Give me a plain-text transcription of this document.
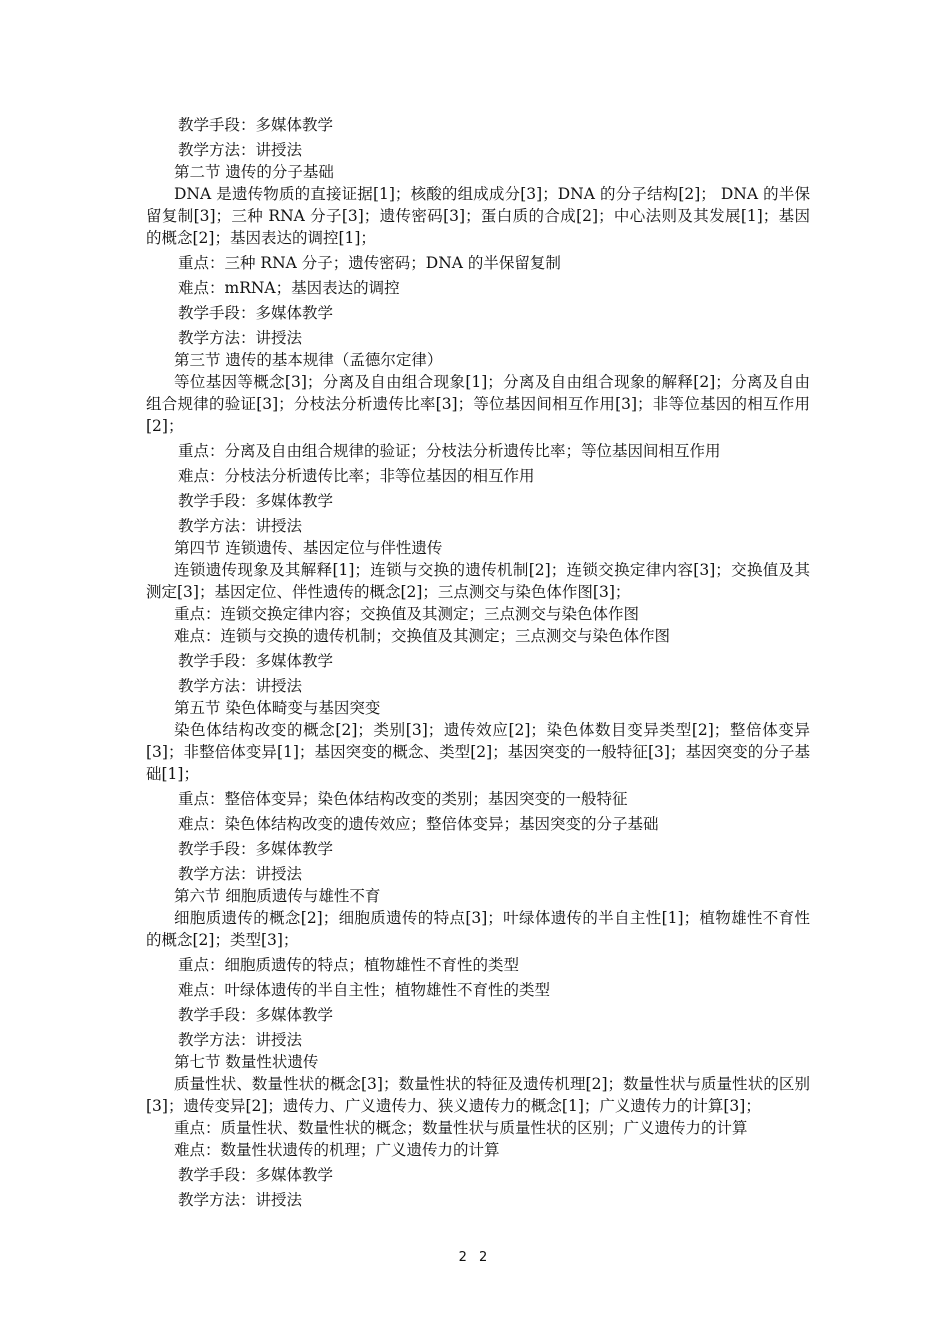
教学手段：多媒体教学

教学方法：讲授法

第二节 遗传的分子基础

DNA 是遗传物质的直接证据[1]；核酸的组成成分[3]；DNA 的分子结构[2]； DNA 的半保留复制[3]；三种 RNA 分子[3]；遗传密码[3]；蛋白质的合成[2]；中心法则及其发展[1]；基因的概念[2]；基因表达的调控[1]；

重点：三种 RNA 分子；遗传密码；DNA 的半保留复制

难点：mRNA；基因表达的调控

教学手段：多媒体教学

教学方法：讲授法

第三节 遗传的基本规律（孟德尔定律）

等位基因等概念[3]；分离及自由组合现象[1]；分离及自由组合现象的解释[2]；分离及自由组合规律的验证[3]；分枝法分析遗传比率[3]；等位基因间相互作用[3]；非等位基因的相互作用[2]；

重点：分离及自由组合规律的验证；分枝法分析遗传比率；等位基因间相互作用

难点：分枝法分析遗传比率；非等位基因的相互作用

教学手段：多媒体教学

教学方法：讲授法

第四节 连锁遗传、基因定位与伴性遗传

连锁遗传现象及其解释[1]；连锁与交换的遗传机制[2]；连锁交换定律内容[3]；交换值及其测定[3]；基因定位、伴性遗传的概念[2]；三点测交与染色体作图[3]；

重点：连锁交换定律内容；交换值及其测定；三点测交与染色体作图

难点：连锁与交换的遗传机制；交换值及其测定；三点测交与染色体作图

教学手段：多媒体教学

教学方法：讲授法

第五节 染色体畸变与基因突变

染色体结构改变的概念[2]；类别[3]；遗传效应[2]；染色体数目变异类型[2]；整倍体变异[3]；非整倍体变异[1]；基因突变的概念、类型[2]；基因突变的一般特征[3]；基因突变的分子基础[1]；

重点：整倍体变异；染色体结构改变的类别；基因突变的一般特征

难点：染色体结构改变的遗传效应；整倍体变异；基因突变的分子基础

教学手段：多媒体教学

教学方法：讲授法

第六节 细胞质遗传与雄性不育

细胞质遗传的概念[2]；细胞质遗传的特点[3]；叶绿体遗传的半自主性[1]；植物雄性不育性的概念[2]；类型[3]；

重点：细胞质遗传的特点；植物雄性不育性的类型

难点：叶绿体遗传的半自主性；植物雄性不育性的类型

教学手段：多媒体教学

教学方法：讲授法

第七节 数量性状遗传

质量性状、数量性状的概念[3]；数量性状的特征及遗传机理[2]；数量性状与质量性状的区别[3]；遗传变异[2]；遗传力、广义遗传力、狭义遗传力的概念[1]；广义遗传力的计算[3]；

重点：质量性状、数量性状的概念；数量性状与质量性状的区别；广义遗传力的计算

难点：数量性状遗传的机理；广义遗传力的计算

教学手段：多媒体教学

教学方法：讲授法

2 2
